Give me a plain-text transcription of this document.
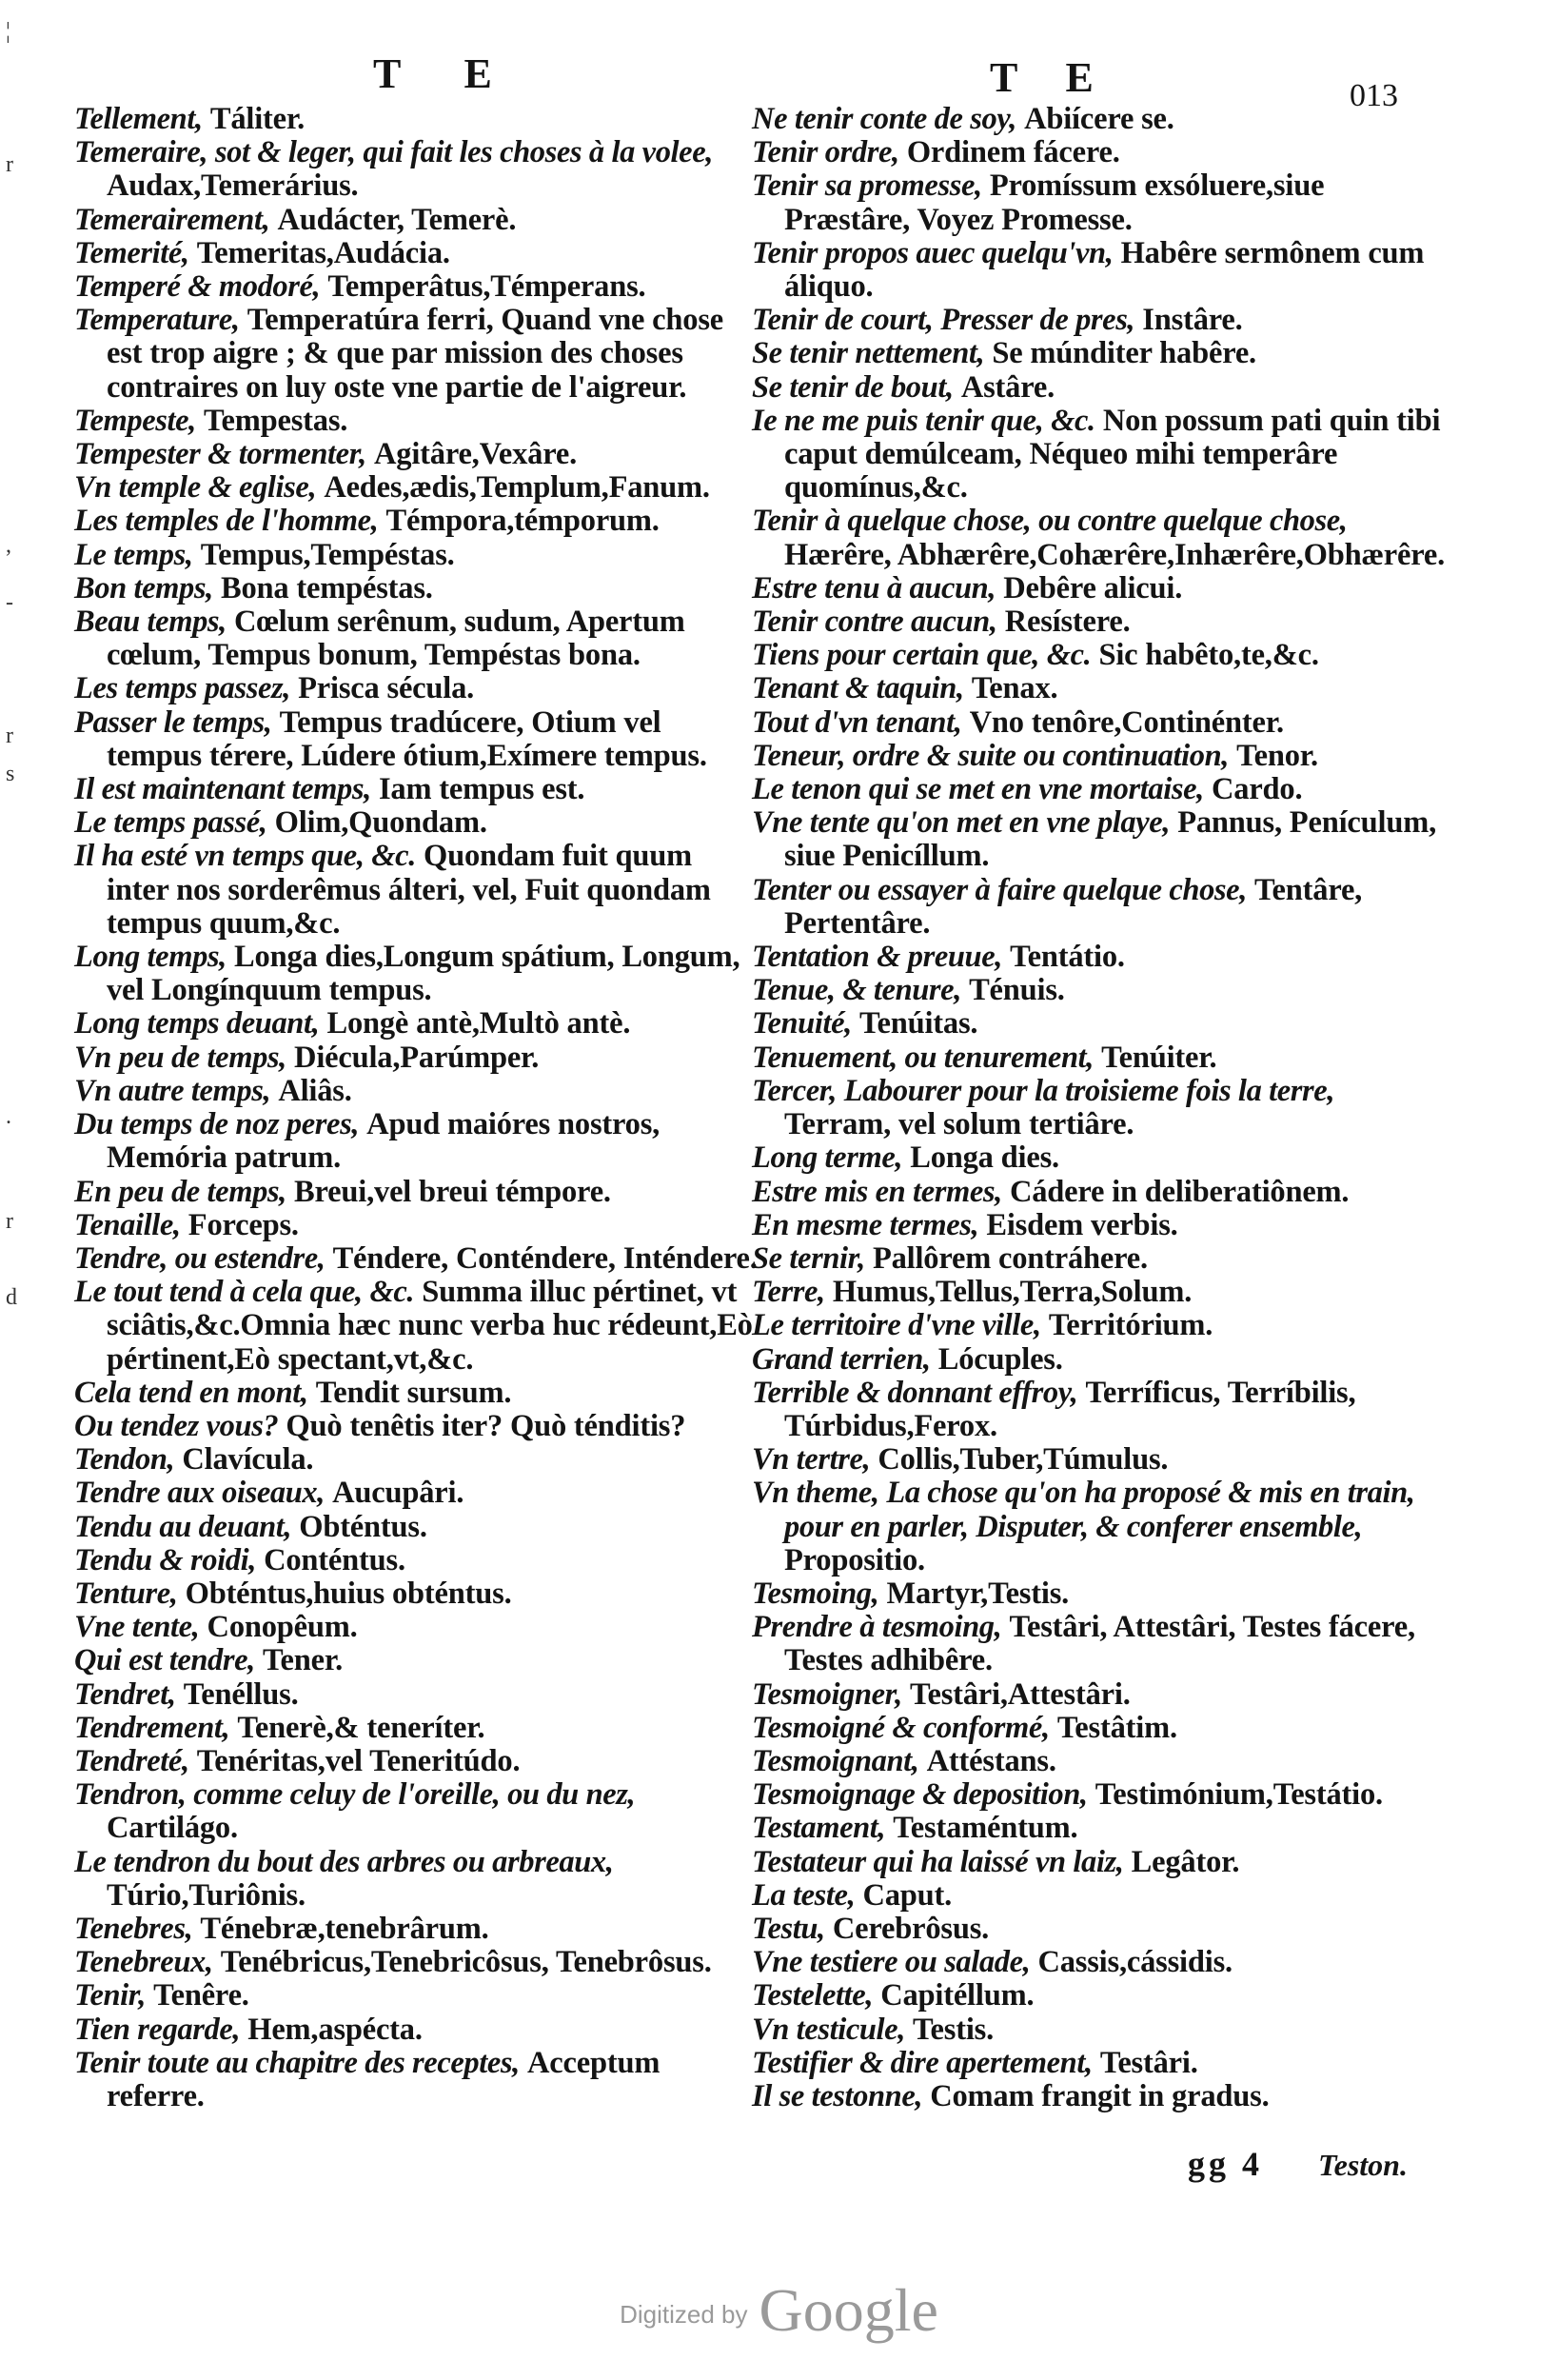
¦
r
,
-
r
s
.
r
d
T E	T E	013
Tellement, Táliter.
Temeraire, sot & leger, qui fait les choses à la volee, Audax,Temerárius.
Temerairement, Audácter, Temerè.
Temerité, Temeritas,Audácia.
Temperé & modoré, Temperâtus,Témperans.
Temperature, Temperatúra ferri, Quand vne chose est trop aigre ; & que par mission des choses contraires on luy oste vne partie de l'aigreur.
Tempeste, Tempestas.
Tempester & tormenter, Agitâre,Vexâre.
Vn temple & eglise, Aedes,ædis,Templum,Fanum.
Les temples de l'homme, Témpora,témporum.
Le temps, Tempus,Tempéstas.
Bon temps, Bona tempéstas.
Beau temps, Cœlum serênum, sudum, Apertum cœlum, Tempus bonum, Tempéstas bona.
Les temps passez, Prisca sécula.
Passer le temps, Tempus tradúcere, Otium vel tempus térere, Lúdere ótium,Exímere tempus.
Il est maintenant temps, Iam tempus est.
Le temps passé, Olim,Quondam.
Il ha esté vn temps que, &c. Quondam fuit quum inter nos sorderêmus álteri, vel, Fuit quondam tempus quum,&c.
Long temps, Longa dies,Longum spátium, Longum, vel Longínquum tempus.
Long temps deuant, Longè antè,Multò antè.
Vn peu de temps, Diécula,Parúmper.
Vn autre temps, Aliâs.
Du temps de noz peres, Apud maióres nostros, Memória patrum.
En peu de temps, Breui,vel breui témpore.
Tenaille, Forceps.
Tendre, ou estendre, Téndere, Conténdere, Inténdere.
Le tout tend à cela que, &c. Summa illuc pértinet, vt sciâtis,&c.Omnia hæc nunc verba huc rédeunt,Eò pértinent,Eò spectant,vt,&c.
Cela tend en mont, Tendit sursum.
Ou tendez vous? Quò tenêtis iter? Quò ténditis?
Tendon, Clavícula.
Tendre aux oiseaux, Aucupâri.
Tendu au deuant, Obténtus.
Tendu & roidi, Conténtus.
Tenture, Obténtus,huius obténtus.
Vne tente, Conopêum.
Qui est tendre, Tener.
Tendret, Tenéllus.
Tendrement, Tenerè,& teneríter.
Tendreté, Tenéritas,vel Teneritúdo.
Tendron, comme celuy de l'oreille, ou du nez, Cartilágo.
Le tendron du bout des arbres ou arbreaux, Túrio,Turiônis.
Tenebres, Ténebræ,tenebrârum.
Tenebreux, Tenébricus,Tenebricôsus, Tenebrôsus.
Tenir, Tenêre.
Tien regarde, Hem,aspécta.
Tenir toute au chapitre des receptes, Acceptum referre.
Ne tenir conte de soy, Abiícere se.
Tenir ordre, Ordinem fácere.
Tenir sa promesse, Promíssum exsóluere,siue Præstâre, Voyez Promesse.
Tenir propos auec quelqu'vn, Habêre sermônem cum áliquo.
Tenir de court, Presser de pres, Instâre.
Se tenir nettement, Se múnditer habêre.
Se tenir de bout, Astâre.
Ie ne me puis tenir que, &c. Non possum pati quin tibi caput demúlceam, Néqueo mihi temperâre quomínus,&c.
Tenir à quelque chose, ou contre quelque chose, Hærêre, Abhærêre,Cohærêre,Inhærêre,Obhærêre.
Estre tenu à aucun, Debêre alicui.
Tenir contre aucun, Resístere.
Tiens pour certain que, &c. Sic habêto,te,&c.
Tenant & taquin, Tenax.
Tout d'vn tenant, Vno tenôre,Continénter.
Teneur, ordre & suite ou continuation, Tenor.
Le tenon qui se met en vne mortaise, Cardo.
Vne tente qu'on met en vne playe, Pannus, Penículum, siue Penicíllum.
Tenter ou essayer à faire quelque chose, Tentâre, Pertentâre.
Tentation & preuue, Tentátio.
Tenue, & tenure, Ténuis.
Tenuité, Tenúitas.
Tenuement, ou tenurement, Tenúiter.
Tercer, Labourer pour la troisieme fois la terre, Terram, vel solum tertiâre.
Long terme, Longa dies.
Estre mis en termes, Cádere in deliberatiônem.
En mesme termes, Eisdem verbis.
Se ternir, Pallôrem contráhere.
Terre, Humus,Tellus,Terra,Solum.
Le territoire d'vne ville, Territórium.
Grand terrien, Lócuples.
Terrible & donnant effroy, Terríficus, Terríbilis, Túrbidus,Ferox.
Vn tertre, Collis,Tuber,Túmulus.
Vn theme, La chose qu'on ha proposé & mis en train, pour en parler, Disputer, & conferer ensemble, Propositio.
Tesmoing, Martyr,Testis.
Prendre à tesmoing, Testâri, Attestâri, Testes fácere, Testes adhibêre.
Tesmoigner, Testâri,Attestâri.
Tesmoigné & conformé, Testâtim.
Tesmoignant, Attéstans.
Tesmoignage & deposition, Testimónium,Testátio.
Testament, Testaméntum.
Testateur qui ha laissé vn laiz, Legâtor.
La teste, Caput.
Testu, Cerebrôsus.
Vne testiere ou salade, Cassis,cássidis.
Testelette, Capitéllum.
Vn testicule, Testis.
Testifier & dire apertement, Testâri.
Il se testonne, Comam frangit in gradus.
gg 4 Teston.
Digitized by Google
